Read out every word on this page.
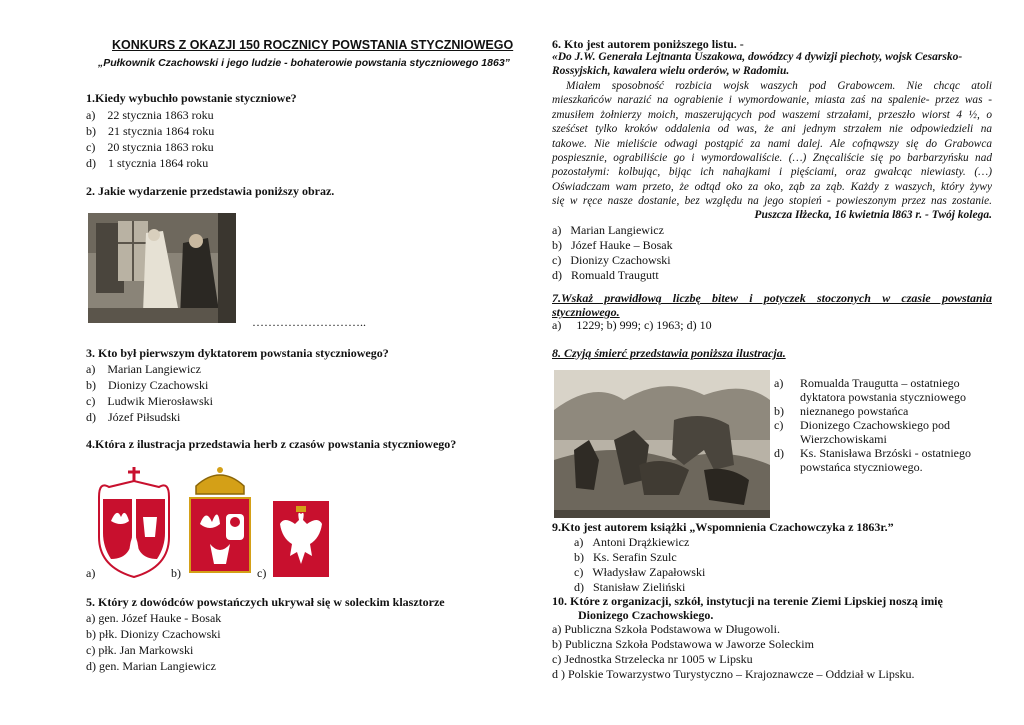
KONKURS Z OKAZJI 150 ROCZNICY POWSTANIA STYCZNIOWEGO
„Pułkownik Czachowski i jego ludzie - bohaterowie powstania styczniowego 1863”
1.Kiedy wybuchło powstanie styczniowe?
a)    22 stycznia 1863 roku
b)    21 stycznia 1864 roku
c)    20 stycznia 1863 roku
d)    1 stycznia 1864 roku
2. Jakie wydarzenie przedstawia poniższy obraz.
………………………..
3. Kto był pierwszym dyktatorem powstania styczniowego?
a)    Marian Langiewicz
b)    Dionizy Czachowski
c)    Ludwik Mierosławski
d)    Józef Piłsudski
4.Która z ilustracja przedstawia herb z czasów powstania styczniowego?
a)	b)	c)
5. Który z dowódców powstańczych ukrywał się w soleckim klasztorze
a) gen. Józef Hauke - Bosak
b) płk. Dionizy Czachowski
c) płk. Jan Markowski
d) gen. Marian Langiewicz
6. Kto jest autorem poniższego listu. -
«Do J.W. Generała Lejtnanta Uszakowa, dowódzcy 4 dywizji piechoty, wojsk Cesarsko-
Rossyjskich, kawalera wielu orderów, w Radomiu.
Miałem sposobność rozbicia wojsk waszych pod Grabowcem. Nie chcąc atoli
mieszkańców narazić na ograbienie i wymordowanie, miasta zaś na spalenie- przez was -
zmusiłem żołnierzy moich, maszerujących pod waszemi strzałami, przeszło wiorst 4 ½, o
sześćset tylko kroków oddalenia od was, że ani jednym strzałem nie odpowiedzieli na
takowe. Nie mieliście odwagi postąpić za nami dalej. Ale cofnąwszy się do Grabowca
pospiesznie, ograbiliście go i wymordowaliście. (…) Znęcaliście się po barbarzyńsku nad
pozostałymi: kolbując, bijąc ich nahajkami i pięściami, oraz gwałcąc niewiasty. (…)
Oświadczam wam przeto, że odtąd oko za oko, ząb za ząb. Każdy z waszych, który żywy
się w ręce nasze dostanie, bez względu na jego stopień - powieszonym przez nas zostanie.
Puszcza Iłżecka, 16 kwietnia l863 r. - Twój kolega.
a)   Marian Langiewicz
b)   Józef Hauke – Bosak
c)   Dionizy Czachowski
d)   Romuald Traugutt
7.Wskaż prawidłową liczbę bitew i potyczek stoczonych w czasie powstania
styczniowego.
a)     1229; b) 999; c) 1963; d) 10
8. Czyją śmierć przedstawia poniższa ilustracja.
a) Romualda Traugutta – ostatniego
dyktatora powstania styczniowego
b) nieznanego powstańca
c) Dionizego Czachowskiego pod
Wierzchowiskami
d) Ks. Stanisława Brzóski - ostatniego
powstańca styczniowego.
9.Kto jest autorem książki „Wspomnienia Czachowczyka z 1863r.”
a)   Antoni Drążkiewicz
b)   Ks. Serafin Szulc
c)   Władysław Zapałowski
d)   Stanisław Zieliński
10. Które z organizacji, szkół, instytucji na terenie Ziemi Lipskiej noszą imię
Dionizego Czachowskiego.
a) Publiczna Szkoła Podstawowa w Długowoli.
b) Publiczna Szkoła Podstawowa w Jaworze Soleckim
c) Jednostka Strzelecka nr 1005 w Lipsku
d ) Polskie Towarzystwo Turystyczno – Krajoznawcze – Oddział w Lipsku.
